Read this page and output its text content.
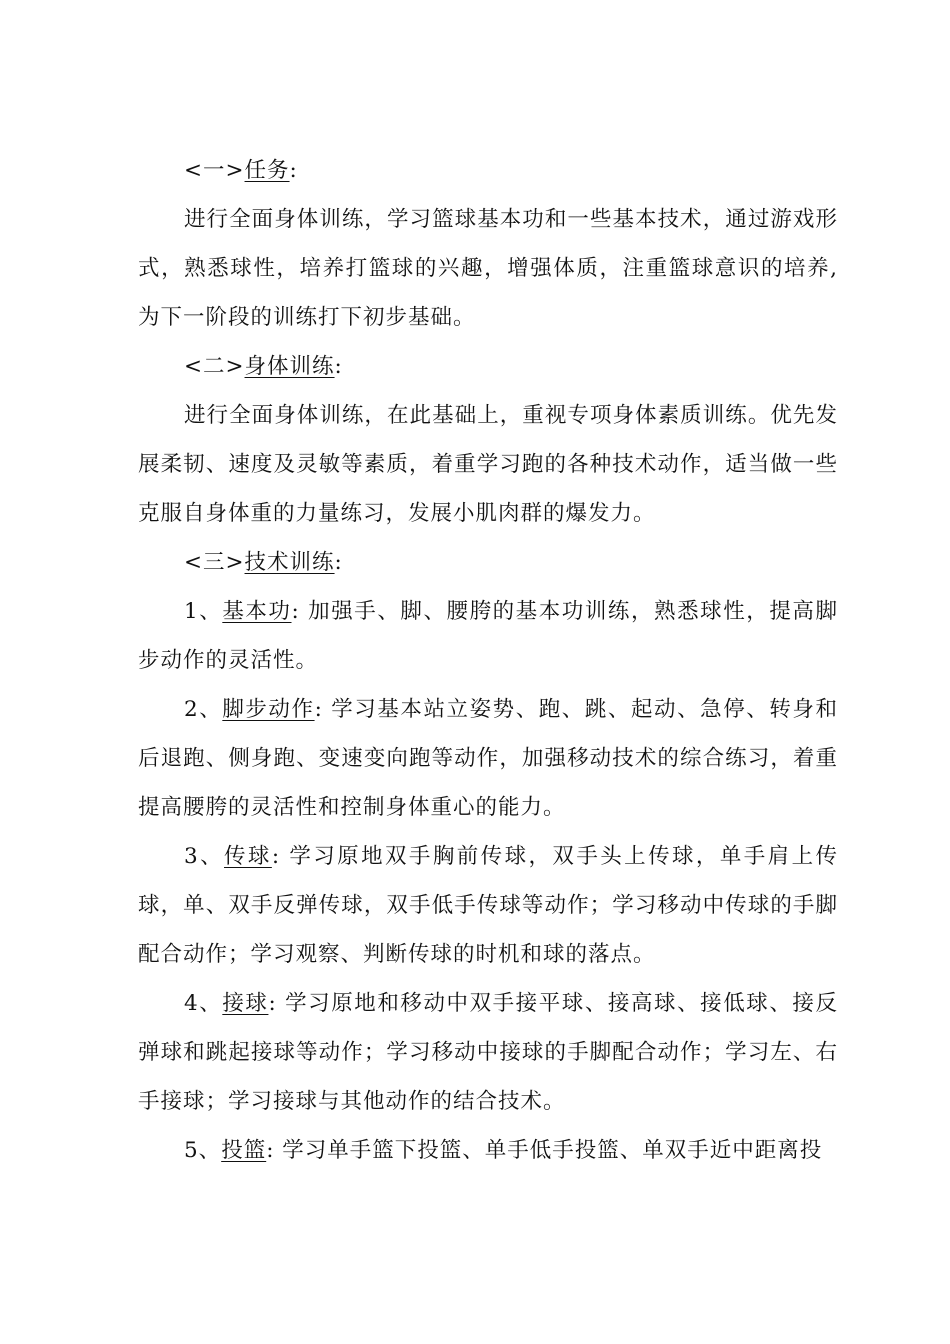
<一>任务:

进行全面身体训练，学习篮球基本功和一些基本技术，通过游戏形式，熟悉球性，培养打篮球的兴趣，增强体质，注重篮球意识的培养,为下一阶段的训练打下初步基础。

<二>身体训练:

进行全面身体训练，在此基础上，重视专项身体素质训练。优先发展柔韧、速度及灵敏等素质，着重学习跑的各种技术动作，适当做一些克服自身体重的力量练习，发展小肌肉群的爆发力。

<三>技术训练:

1、基本功: 加强手、脚、腰胯的基本功训练，熟悉球性，提高脚步动作的灵活性。

2、脚步动作: 学习基本站立姿势、跑、跳、起动、急停、转身和后退跑、侧身跑、变速变向跑等动作，加强移动技术的综合练习，着重提高腰胯的灵活性和控制身体重心的能力。

3、传球: 学习原地双手胸前传球，双手头上传球，单手肩上传球，单、双手反弹传球，双手低手传球等动作；学习移动中传球的手脚配合动作；学习观察、判断传球的时机和球的落点。

4、接球: 学习原地和移动中双手接平球、接高球、接低球、接反弹球和跳起接球等动作；学习移动中接球的手脚配合动作；学习左、右手接球；学习接球与其他动作的结合技术。

5、投篮: 学习单手篮下投篮、单手低手投篮、单双手近中距离投
